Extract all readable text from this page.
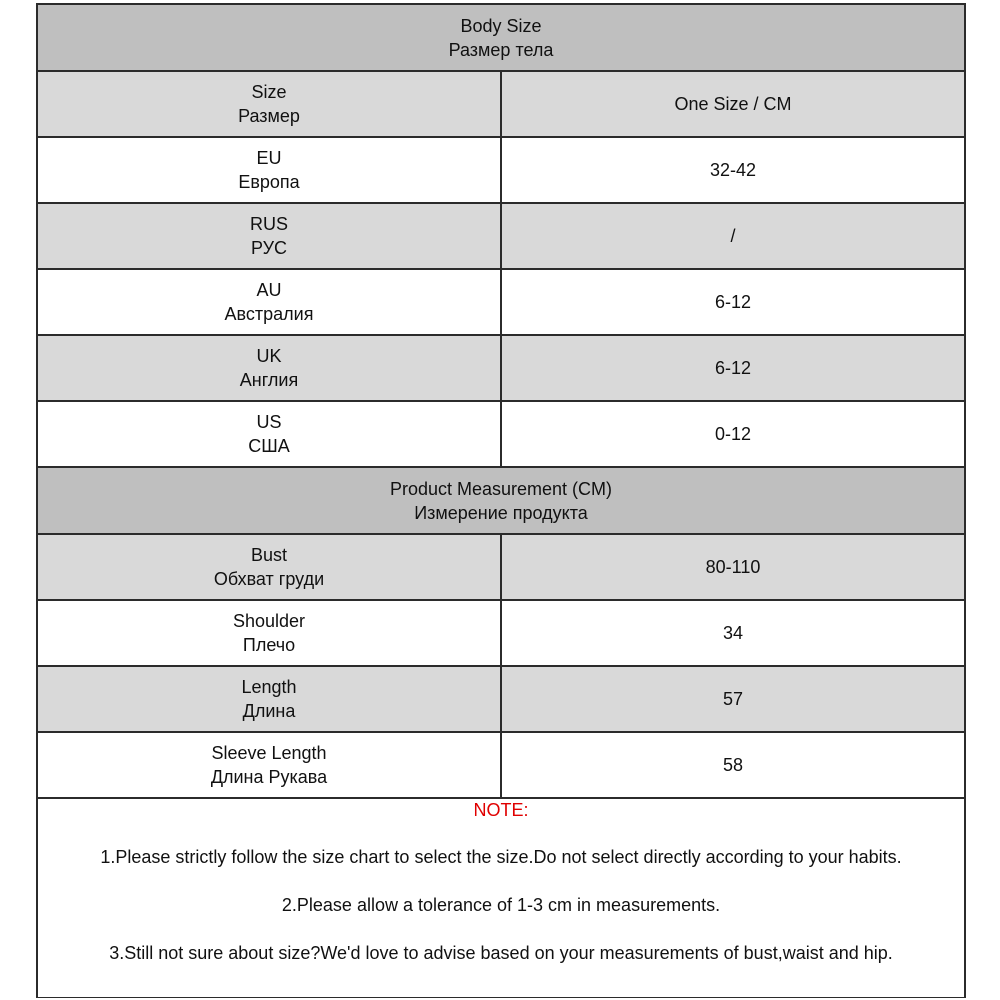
Body Size
Размер тела
Size
Размер
One Size / CM
EU
Европа
32-42
RUS
РУС
/
AU
Австралия
6-12
UK
Англия
6-12
US
США
0-12
Product Measurement (CM)
Измерение продукта
Bust
Обхват груди
80-110
Shoulder
Плечо
34
Length
Длина
57
Sleeve Length
Длина Рукава
58
NOTE:
1.Please strictly follow the size chart to select the size.Do not select directly according to your habits.
2.Please allow a tolerance of 1-3 cm in measurements.
3.Still not sure about size?We'd love to advise based on your measurements of bust,waist and hip.
